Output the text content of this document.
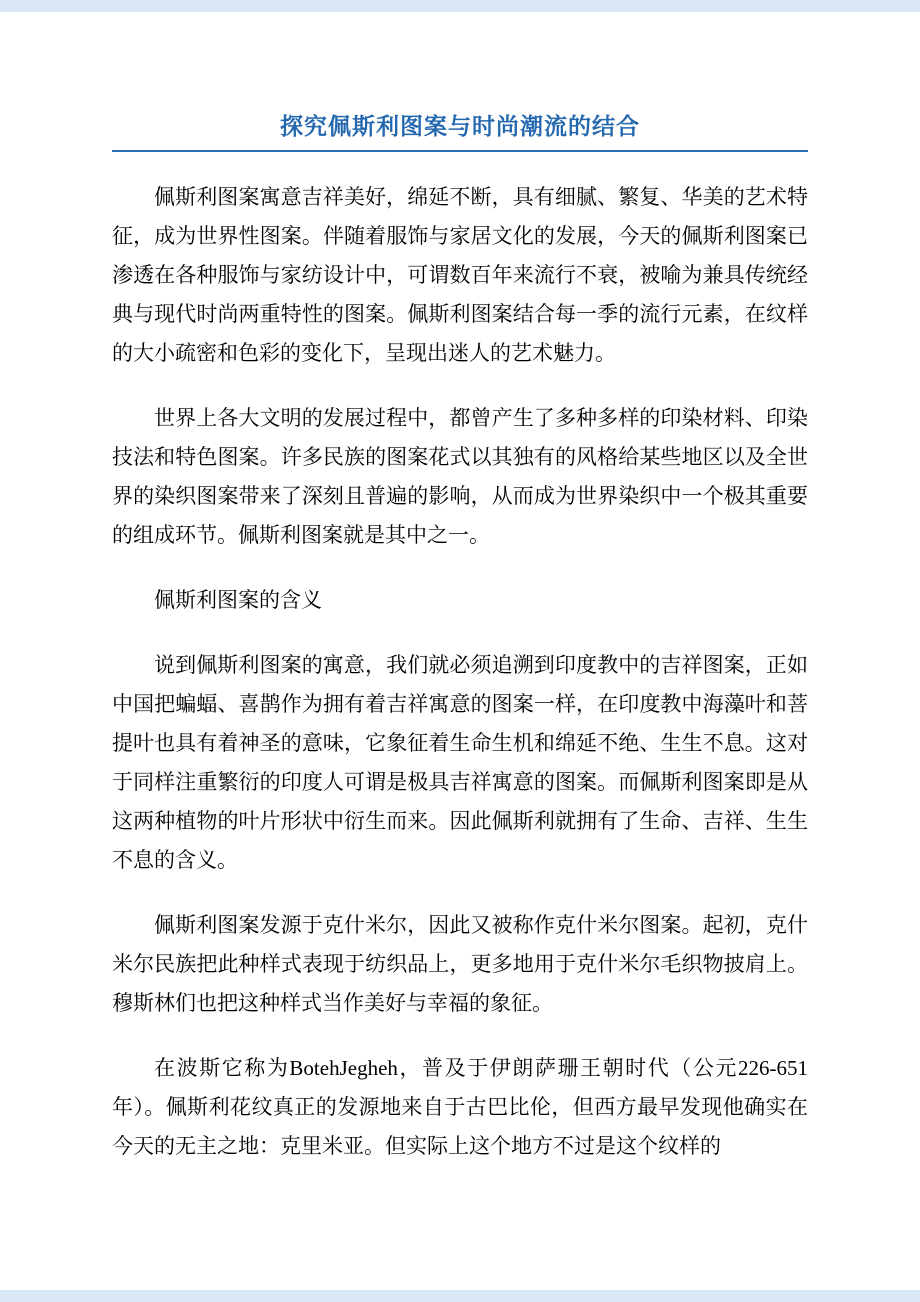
探究佩斯利图案与时尚潮流的结合

佩斯利图案寓意吉祥美好，绵延不断，具有细腻、繁复、华美的艺术特征，成为世界性图案。伴随着服饰与家居文化的发展，今天的佩斯利图案已渗透在各种服饰与家纺设计中，可谓数百年来流行不衰，被喻为兼具传统经典与现代时尚两重特性的图案。佩斯利图案结合每一季的流行元素，在纹样的大小疏密和色彩的变化下，呈现出迷人的艺术魅力。

世界上各大文明的发展过程中，都曾产生了多种多样的印染材料、印染技法和特色图案。许多民族的图案花式以其独有的风格给某些地区以及全世界的染织图案带来了深刻且普遍的影响，从而成为世界染织中一个极其重要的组成环节。佩斯利图案就是其中之一。

佩斯利图案的含义

说到佩斯利图案的寓意，我们就必须追溯到印度教中的吉祥图案，正如中国把蝙蝠、喜鹊作为拥有着吉祥寓意的图案一样，在印度教中海藻叶和菩提叶也具有着神圣的意味，它象征着生命生机和绵延不绝、生生不息。这对于同样注重繁衍的印度人可谓是极具吉祥寓意的图案。而佩斯利图案即是从这两种植物的叶片形状中衍生而来。因此佩斯利就拥有了生命、吉祥、生生不息的含义。

佩斯利图案发源于克什米尔，因此又被称作克什米尔图案。起初，克什米尔民族把此种样式表现于纺织品上，更多地用于克什米尔毛织物披肩上。穆斯林们也把这种样式当作美好与幸福的象征。

在波斯它称为BotehJegheh，普及于伊朗萨珊王朝时代（公元226-651年）。佩斯利花纹真正的发源地来自于古巴比伦，但西方最早发现他确实在今天的无主之地：克里米亚。但实际上这个地方不过是这个纹样的
